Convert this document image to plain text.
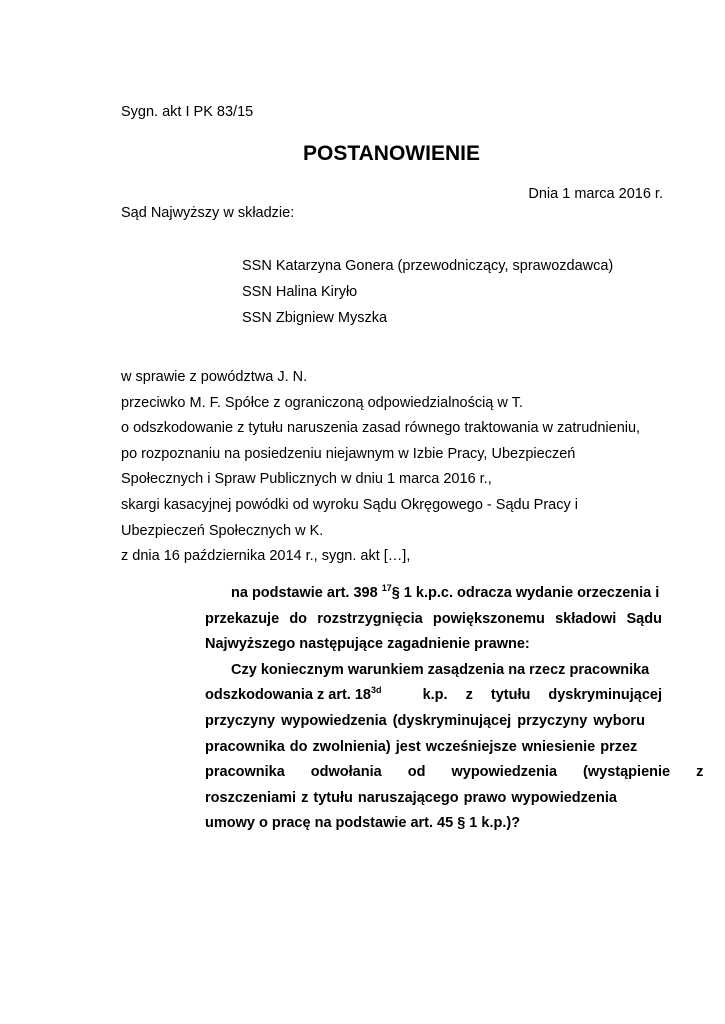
Sygn. akt I PK 83/15
POSTANOWIENIE
Dnia 1 marca 2016 r.
Sąd Najwyższy w składzie:
SSN Katarzyna Gonera (przewodniczący, sprawozdawca)
SSN Halina Kiryło
SSN Zbigniew Myszka
w sprawie z powództwa J. N.
przeciwko M. F. Spółce z ograniczoną odpowiedzialnością w T.
o odszkodowanie z tytułu naruszenia zasad równego traktowania w zatrudnieniu,
po rozpoznaniu na posiedzeniu niejawnym w Izbie Pracy, Ubezpieczeń
Społecznych i Spraw Publicznych w dniu 1 marca 2016 r.,
skargi kasacyjnej powódki od wyroku Sądu Okręgowego - Sądu Pracy i
Ubezpieczeń Społecznych w K.
z dnia 16 października 2014 r., sygn. akt […],
na podstawie art. 398 $^{17}$§ 1 k.p.c. odracza wydanie orzeczenia i
przekazuje do rozstrzygnięcia powiększonemu składowi Sądu
Najwyższego następujące zagadnienie prawne:
Czy koniecznym warunkiem zasądzenia na rzecz pracownika
odszkodowania z art. $18^{3d}$	k.p. z tytułu dyskryminującej
przyczyny wypowiedzenia (dyskryminującej przyczyny wyboru
pracownika do zwolnienia) jest wcześniejsze wniesienie przez
pracownika odwołania od wypowiedzenia (wystąpienie z
roszczeniami z tytułu naruszającego prawo wypowiedzenia
umowy o pracę na podstawie art. 45 § 1 k.p.)?
